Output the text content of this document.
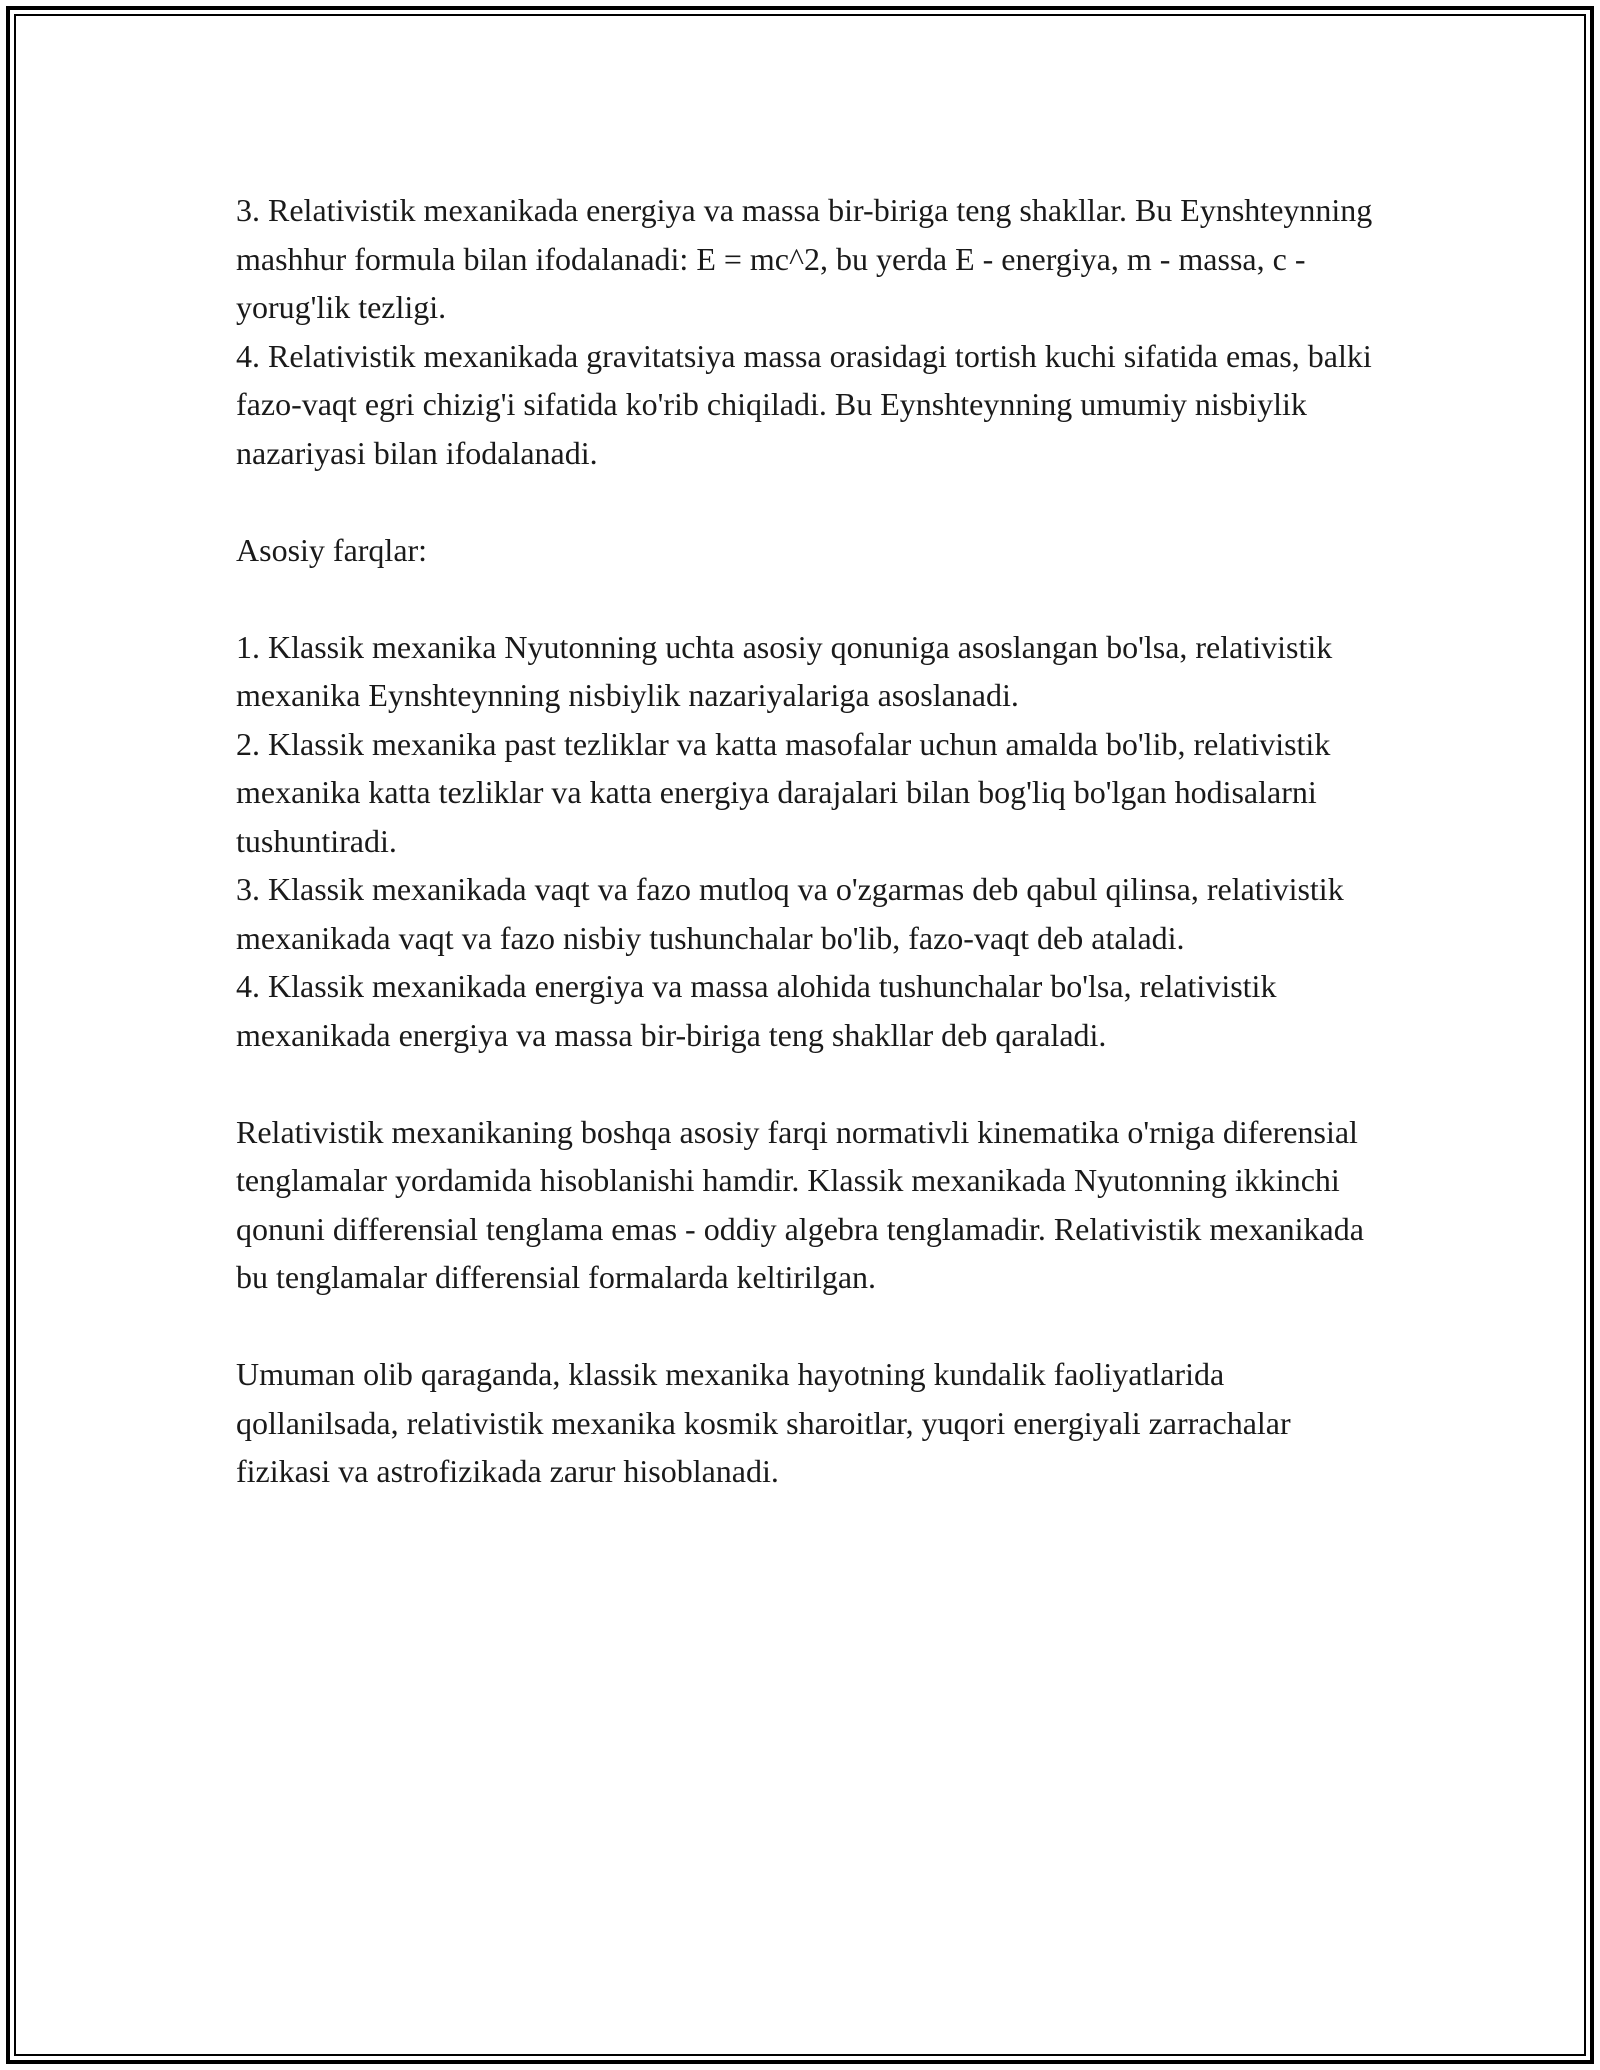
3. Relativistik mexanikada energiya va massa bir-biriga teng shakllar. Bu Eynshteynning mashhur formula bilan ifodalanadi: E = mc^2, bu yerda E - energiya, m - massa, c - yorug'lik tezligi.

4. Relativistik mexanikada gravitatsiya massa orasidagi tortish kuchi sifatida emas, balki fazo-vaqt egri chizig'i sifatida ko'rib chiqiladi. Bu Eynshteynning umumiy nisbiylik nazariyasi bilan ifodalanadi.

Asosiy farqlar:

1. Klassik mexanika Nyutonning uchta asosiy qonuniga asoslangan bo'lsa, relativistik mexanika Eynshteynning nisbiylik nazariyalariga asoslanadi.

2. Klassik mexanika past tezliklar va katta masofalar uchun amalda bo'lib, relativistik mexanika katta tezliklar va katta energiya darajalari bilan bog'liq bo'lgan hodisalarni tushuntiradi.

3. Klassik mexanikada vaqt va fazo mutloq va o'zgarmas deb qabul qilinsa, relativistik mexanikada vaqt va fazo nisbiy tushunchalar bo'lib, fazo-vaqt deb ataladi.

4. Klassik mexanikada energiya va massa alohida tushunchalar bo'lsa, relativistik mexanikada energiya va massa bir-biriga teng shakllar deb qaraladi.

Relativistik mexanikaning boshqa asosiy farqi normativli kinematika o'rniga diferensial tenglamalar yordamida hisoblanishi hamdir. Klassik mexanikada Nyutonning ikkinchi qonuni differensial tenglama emas - oddiy algebra tenglamadir. Relativistik mexanikada bu tenglamalar differensial formalarda keltirilgan.

Umuman olib qaraganda, klassik mexanika hayotning kundalik faoliyatlarida qollanilsada, relativistik mexanika kosmik sharoitlar, yuqori energiyali zarrachalar fizikasi va astrofizikada zarur hisoblanadi.
